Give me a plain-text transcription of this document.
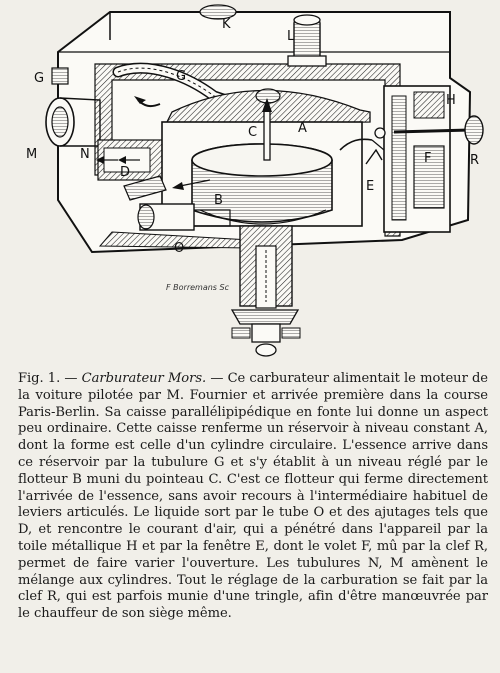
K
L
G	G
H
M	N
D
C	A
B
E
F	R
O
F Borremans Sc
Fig. 1. — Carburateur Mors. — Ce carburateur alimentait le moteur de la voiture pilotée par M. Fournier et arrivée première dans la course Paris-Berlin. Sa caisse parallélipipédique en fonte lui donne un aspect peu ordinaire. Cette caisse renferme un réservoir à niveau constant A, dont la forme est celle d'un cylindre circulaire. L'essence arrive dans ce réservoir par la tubulure G et s'y établit à un niveau réglé par le flotteur B muni du pointeau C. C'est ce flotteur qui ferme directement l'arrivée de l'essence, sans avoir recours à l'intermédiaire habituel de leviers articulés. Le liquide sort par le tube O et des ajutages tels que D, et rencontre le courant d'air, qui a pénétré dans l'appareil par la toile métallique H et par la fenêtre E, dont le volet F, mû par la clef R, permet de faire varier l'ouverture. Les tubulures N, M amènent le mélange aux cylindres. Tout le réglage de la carburation se fait par la clef R, qui est parfois munie d'une tringle, afin d'être manœuvrée par le chauffeur de son siège même.
